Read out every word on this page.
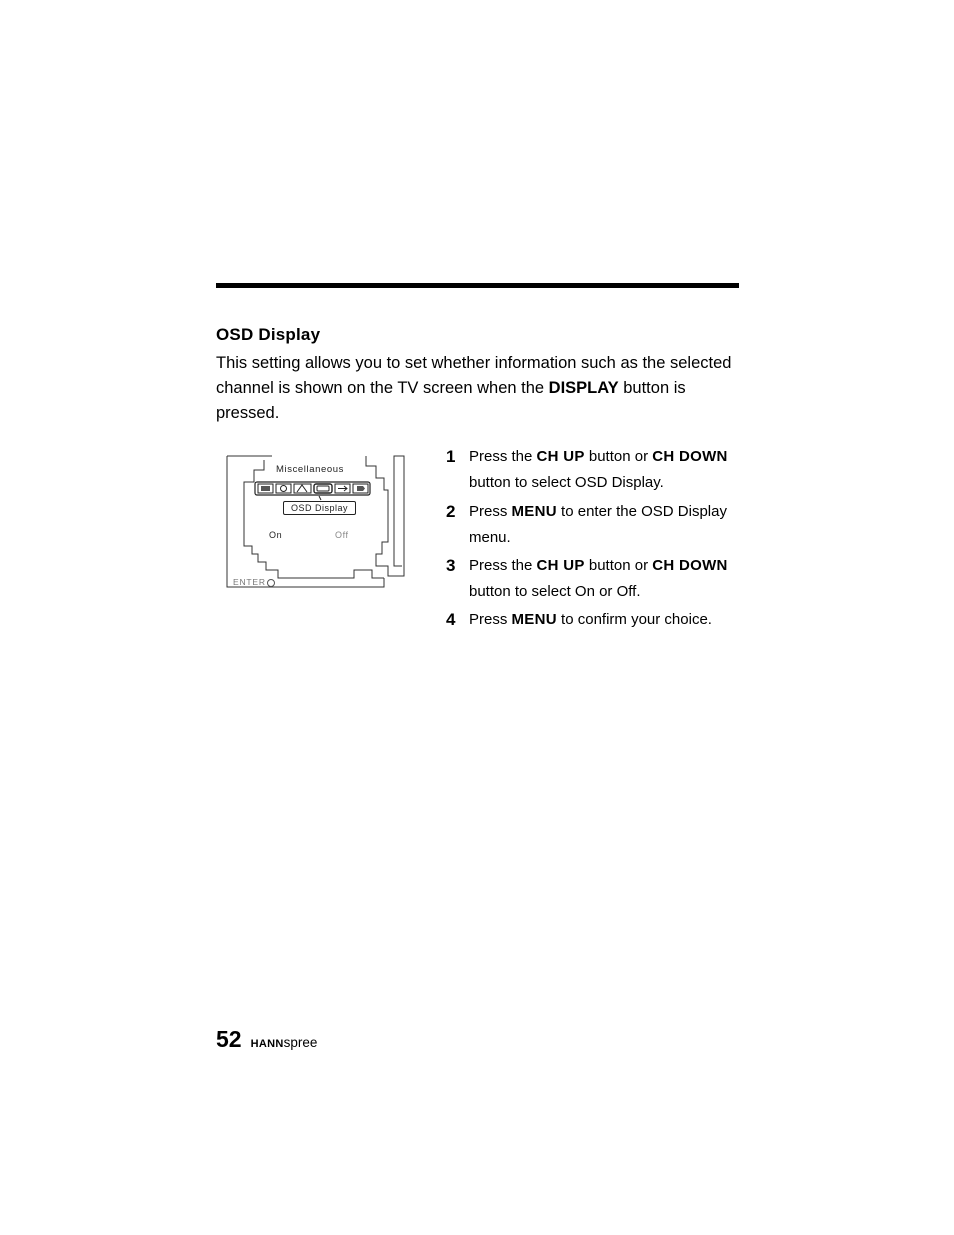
OSD Display

This setting allows you to set whether information such as the selected channel is shown on the TV screen when the DISPLAY button is pressed.

Miscellaneous
OSD Display
On	Off
ENTER
1 Press the CH UP button or CH DOWN button to select OSD Display.
2 Press MENU to enter the OSD Display menu.
3 Press the CH UP button or CH DOWN button to select On or Off.
4 Press MENU to confirm your choice.
52 HANNspree
